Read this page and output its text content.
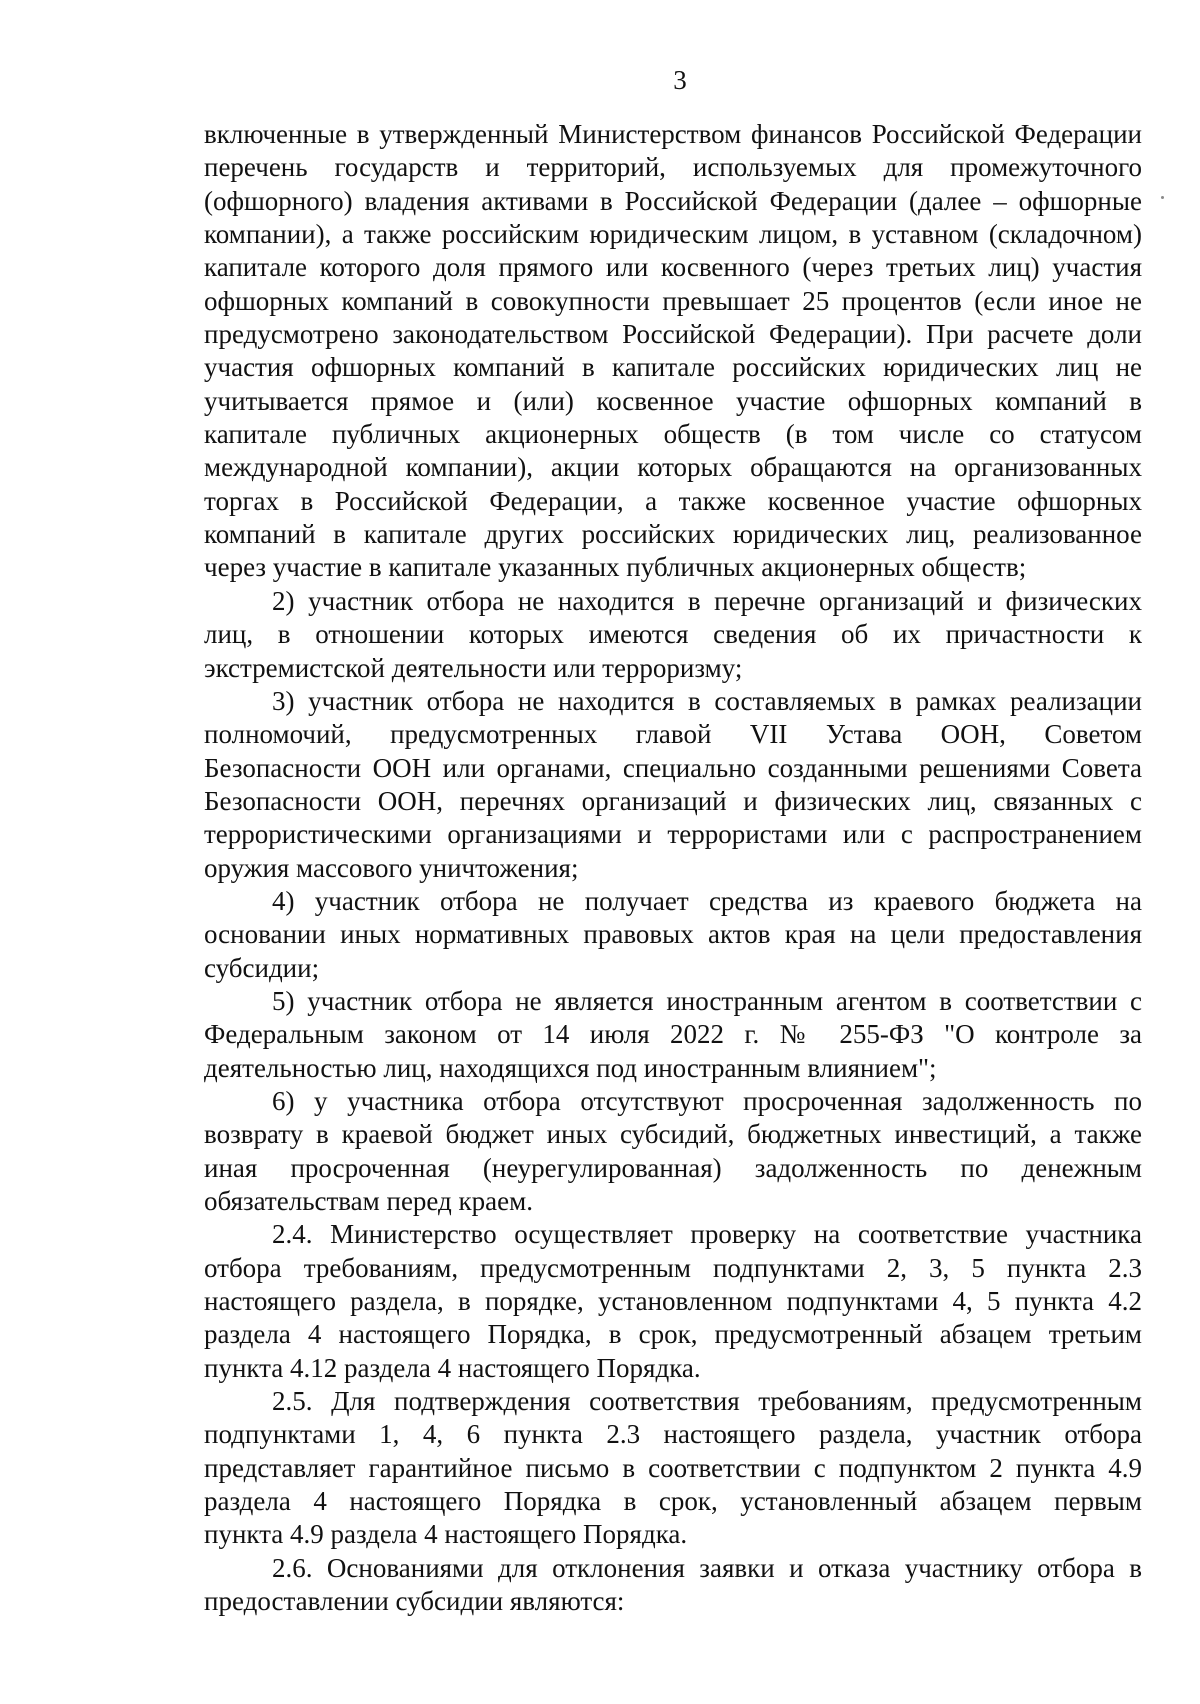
3
включенные в утвержденный Министерством финансов Российской Федерации
перечень государств и территорий, используемых для промежуточного
(офшорного) владения активами в Российской Федерации (далее – офшорные
компании), а также российским юридическим лицом, в уставном (складочном)
капитале которого доля прямого или косвенного (через третьих лиц) участия
офшорных компаний в совокупности превышает 25 процентов (если иное не
предусмотрено законодательством Российской Федерации). При расчете доли
участия офшорных компаний в капитале российских юридических лиц не
учитывается прямое и (или) косвенное участие офшорных компаний в
капитале публичных акционерных обществ (в том числе со статусом
международной компании), акции которых обращаются на организованных
торгах в Российской Федерации, а также косвенное участие офшорных
компаний в капитале других российских юридических лиц, реализованное
через участие в капитале указанных публичных акционерных обществ;
2) участник отбора не находится в перечне организаций и физических
лиц, в отношении которых имеются сведения об их причастности к
экстремистской деятельности или терроризму;
3) участник отбора не находится в составляемых в рамках реализации
полномочий, предусмотренных главой VII Устава ООН, Советом
Безопасности ООН или органами, специально созданными решениями Совета
Безопасности ООН, перечнях организаций и физических лиц, связанных с
террористическими организациями и террористами или с распространением
оружия массового уничтожения;
4) участник отбора не получает средства из краевого бюджета на
основании иных нормативных правовых актов края на цели предоставления
субсидии;
5) участник отбора не является иностранным агентом в соответствии с
Федеральным законом от 14 июля 2022 г. № 255-ФЗ "О контроле за
деятельностью лиц, находящихся под иностранным влиянием";
6) у участника отбора отсутствуют просроченная задолженность по
возврату в краевой бюджет иных субсидий, бюджетных инвестиций, а также
иная просроченная (неурегулированная) задолженность по денежным
обязательствам перед краем.
2.4. Министерство осуществляет проверку на соответствие участника
отбора требованиям, предусмотренным подпунктами 2, 3, 5 пункта 2.3
настоящего раздела, в порядке, установленном подпунктами 4, 5 пункта 4.2
раздела 4 настоящего Порядка, в срок, предусмотренный абзацем третьим
пункта 4.12 раздела 4 настоящего Порядка.
2.5. Для подтверждения соответствия требованиям, предусмотренным
подпунктами 1, 4, 6 пункта 2.3 настоящего раздела, участник отбора
представляет гарантийное письмо в соответствии с подпунктом 2 пункта 4.9
раздела 4 настоящего Порядка в срок, установленный абзацем первым
пункта 4.9 раздела 4 настоящего Порядка.
2.6. Основаниями для отклонения заявки и отказа участнику отбора в
предоставлении субсидии являются:
